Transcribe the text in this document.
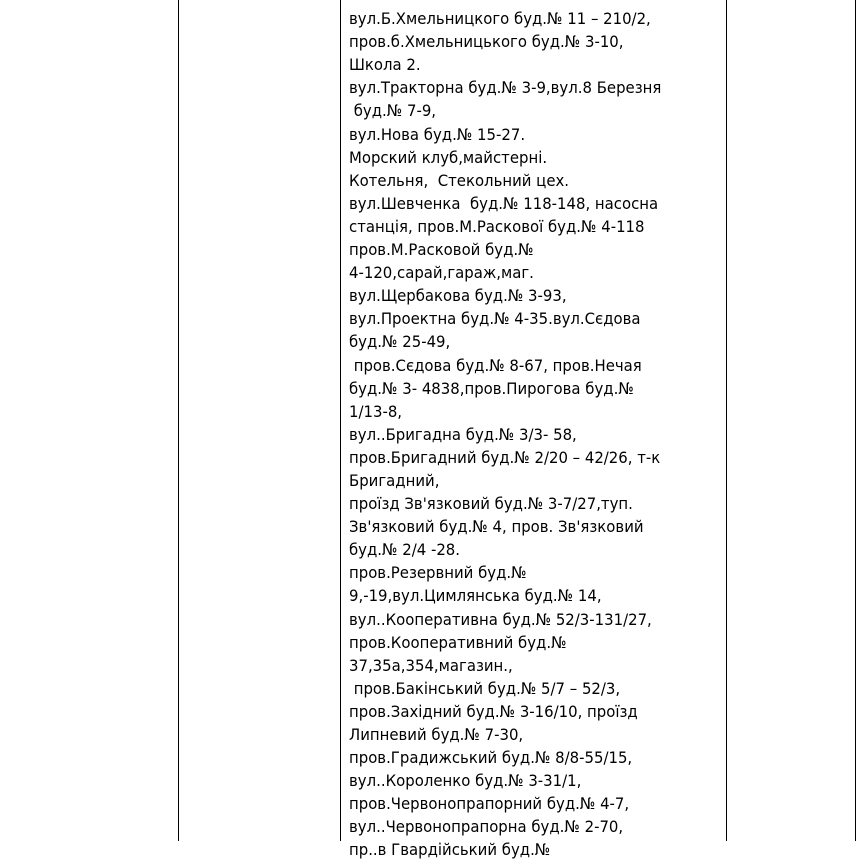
вул.Б.Хмельницкого буд.№ 11 – 210/2,
пров.б.Хмельницького буд.№ 3-10,
Школа 2.
вул.Тракторна буд.№ 3-9,вул.8 Березня
буд.№ 7-9,
вул.Нова буд.№ 15-27.
Морский клуб,майстерні.
Котельня,  Стекольний цех.
вул.Шевченка  буд.№ 118-148, насосна
станція, пров.М.Раскової буд.№ 4-118
пров.М.Расковой буд.№
4-120,сарай,гараж,маг.
вул.Щербакова буд.№ 3-93,
вул.Проектна буд.№ 4-35.вул.Сєдова
буд.№ 25-49,
пров.Сєдова буд.№ 8-67, пров.Нечая
буд.№ 3- 4838,пров.Пирогова буд.№
1/13-8,
вул..Бригадна буд.№ 3/3- 58,
пров.Бригадний буд.№ 2/20 – 42/26, т-к
Бригадний,
проїзд Зв'язковий буд.№ 3-7/27,туп.
Зв'язковий буд.№ 4, пров. Зв'язковий
буд.№ 2/4 -28.
пров.Резервний буд.№
9,-19,вул.Цимлянська буд.№ 14,
вул..Кооперативна буд.№ 52/3-131/27,
пров.Кооперативний буд.№
37,35а,354,магазин.,
пров.Бакінський буд.№ 5/7 – 52/3,
пров.Західний буд.№ 3-16/10, проїзд
Липневий буд.№ 7-30,
пров.Градижський буд.№ 8/8-55/15,
вул..Короленко буд.№ 3-31/1,
пров.Червонопрапорний буд.№ 4-7,
вул..Червонопрапорна буд.№ 2-70,
пр..в Гвардійський буд.№
